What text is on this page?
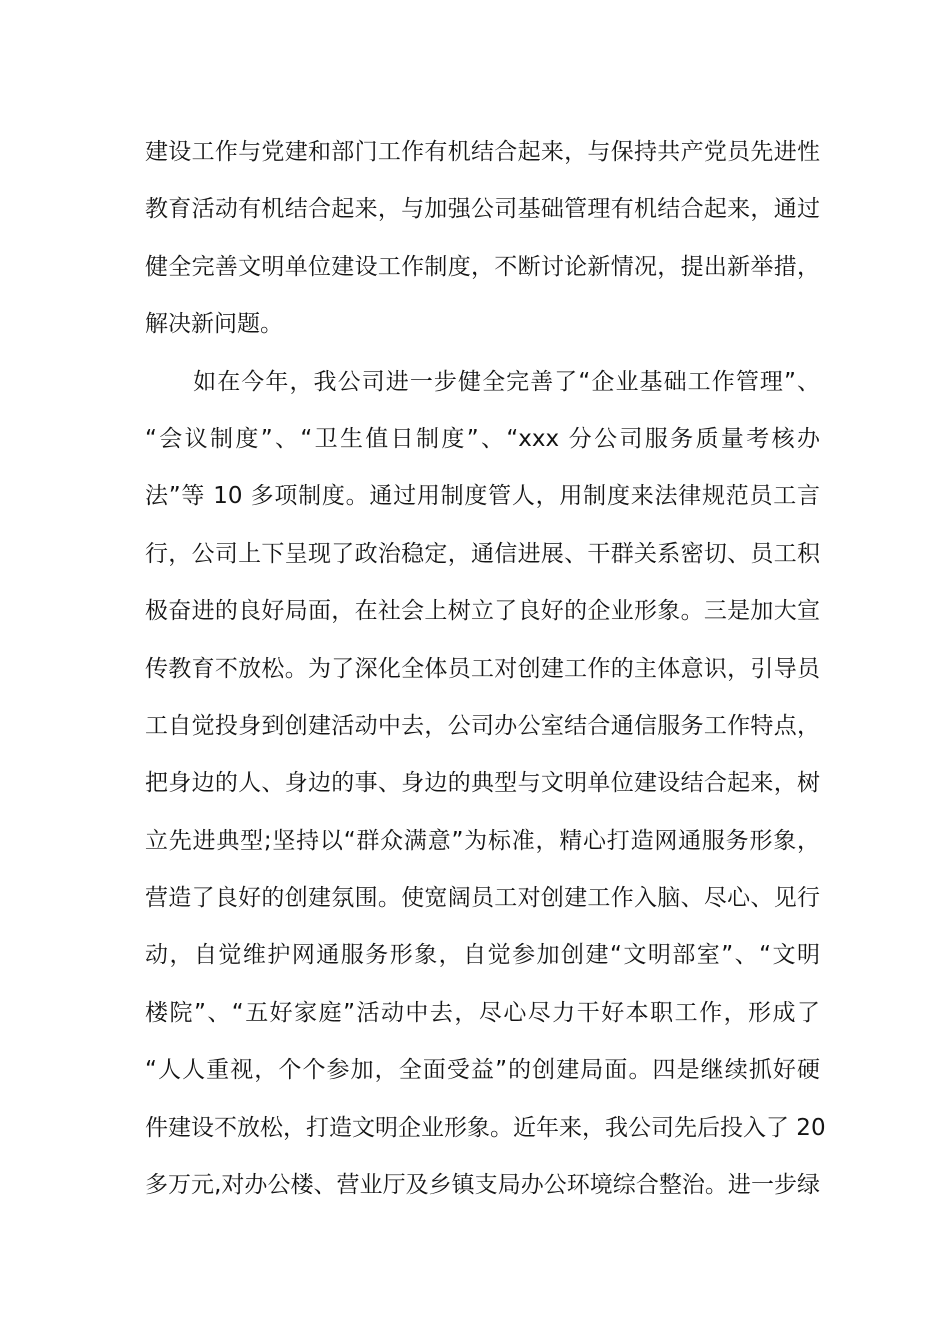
建设工作与党建和部门工作有机结合起来，与保持共产党员先进性
教育活动有机结合起来，与加强公司基础管理有机结合起来，通过
健全完善文明单位建设工作制度，不断讨论新情况，提出新举措，
解决新问题。
　　如在今年，我公司进一步健全完善了“企业基础工作管理”、
“会议制度”、“卫生值日制度”、“xxx 分公司服务质量考核办
法”等 10 多项制度。通过用制度管人，用制度来法律规范员工言
行，公司上下呈现了政治稳定，通信进展、干群关系密切、员工积
极奋进的良好局面，在社会上树立了良好的企业形象。三是加大宣
传教育不放松。为了深化全体员工对创建工作的主体意识，引导员
工自觉投身到创建活动中去，公司办公室结合通信服务工作特点，
把身边的人、身边的事、身边的典型与文明单位建设结合起来，树
立先进典型;坚持以“群众满意”为标准，精心打造网通服务形象，
营造了良好的创建氛围。使宽阔员工对创建工作入脑、尽心、见行
动，自觉维护网通服务形象，自觉参加创建“文明部室”、“文明
楼院”、“五好家庭”活动中去，尽心尽力干好本职工作，形成了
“人人重视，个个参加，全面受益”的创建局面。四是继续抓好硬
件建设不放松，打造文明企业形象。近年来，我公司先后投入了 20
多万元,对办公楼、营业厅及乡镇支局办公环境综合整治。进一步绿
